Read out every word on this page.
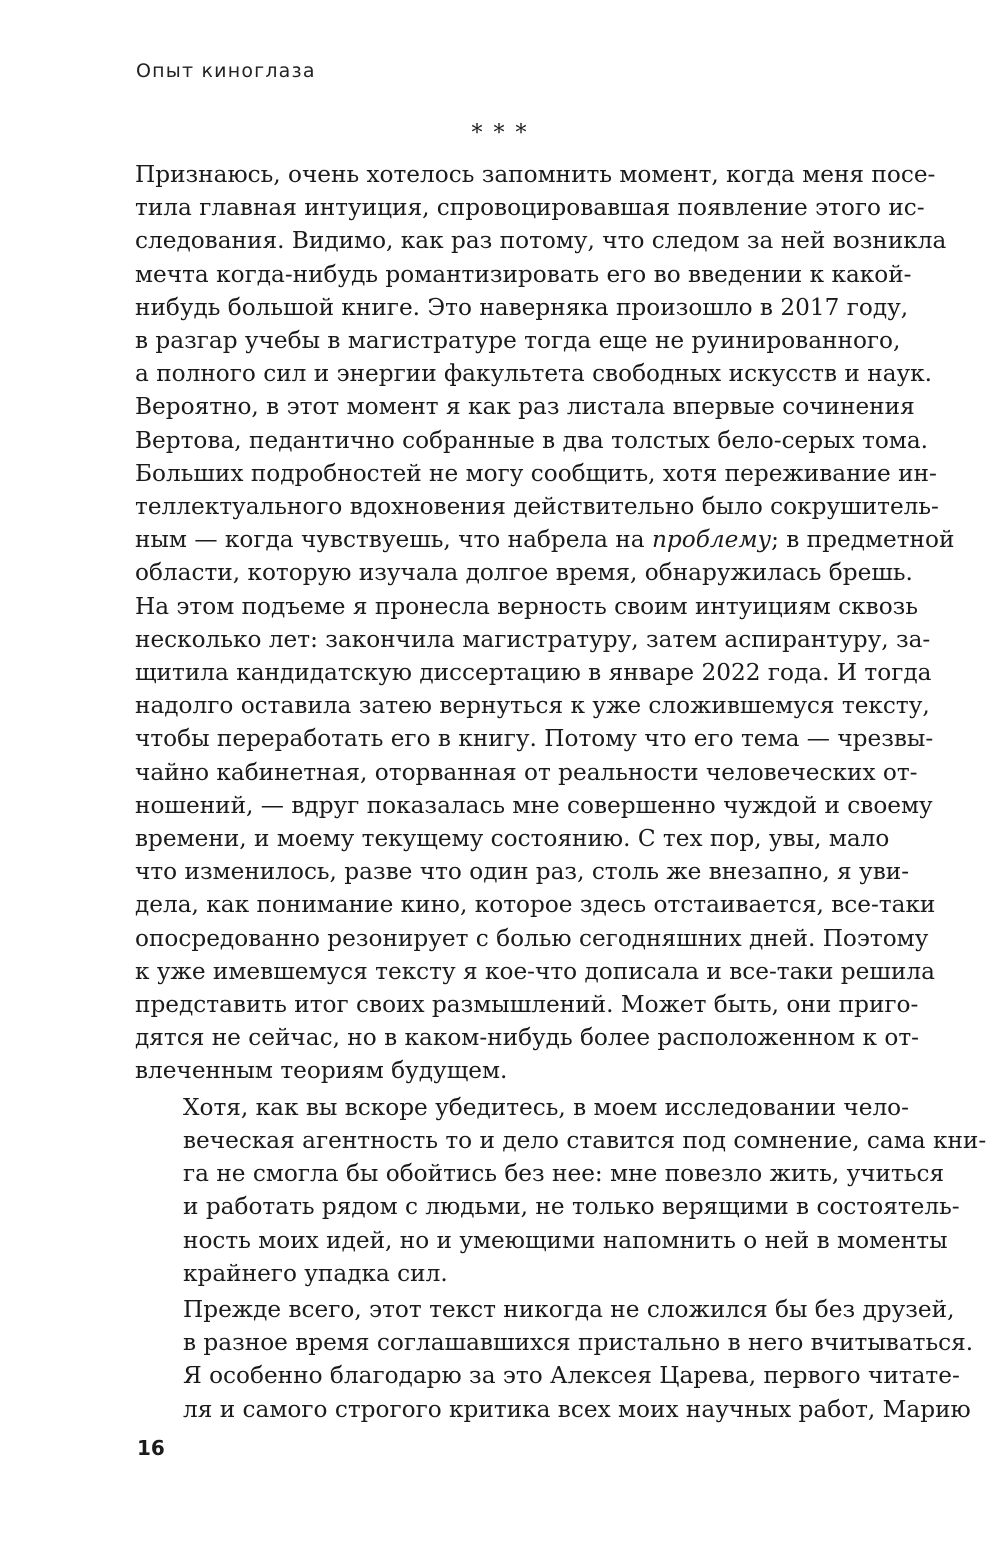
Опыт киноглаза
* * *

Признаюсь, очень хотелось запомнить момент, когда меня посе-
тила главная интуиция, спровоцировавшая появление этого ис-
следования. Видимо, как раз потому, что следом за ней возникла
мечта когда-нибудь романтизировать его во введении к какой-
нибудь большой книге. Это наверняка произошло в 2017 году,
в разгар учебы в магистратуре тогда еще не руинированного,
а полного сил и энергии факультета свободных искусств и наук.
Вероятно, в этот момент я как раз листала впервые сочинения
Вертова, педантично собранные в два толстых бело-серых тома.
Больших подробностей не могу сообщить, хотя переживание ин-
теллектуального вдохновения действительно было сокрушитель-
ным — когда чувствуешь, что набрела на проблему; в предметной
области, которую изучала долгое время, обнаружилась брешь.
На этом подъеме я пронесла верность своим интуициям сквозь
несколько лет: закончила магистратуру, затем аспирантуру, за-
щитила кандидатскую диссертацию в январе 2022 года. И тогда
надолго оставила затею вернуться к уже сложившемуся тексту,
чтобы переработать его в книгу. Потому что его тема — чрезвы-
чайно кабинетная, оторванная от реальности человеческих от-
ношений, — вдруг показалась мне совершенно чуждой и своему
времени, и моему текущему состоянию. С тех пор, увы, мало
что изменилось, разве что один раз, столь же внезапно, я уви-
дела, как понимание кино, которое здесь отстаивается, все-таки
опосредованно резонирует с болью сегодняшних дней. Поэтому
к уже имевшемуся тексту я кое-что дописала и все-таки решила
представить итог своих размышлений. Может быть, они приго-
дятся не сейчас, но в каком-нибудь более расположенном к от-
влеченным теориям будущем.

Хотя, как вы вскоре убедитесь, в моем исследовании чело-
веческая агентность то и дело ставится под сомнение, сама кни-
га не смогла бы обойтись без нее: мне повезло жить, учиться
и работать рядом с людьми, не только верящими в состоятель-
ность моих идей, но и умеющими напомнить о ней в моменты
крайнего упадка сил.

Прежде всего, этот текст никогда не сложился бы без друзей,
в разное время соглашавшихся пристально в него вчитываться.
Я особенно благодарю за это Алексея Царева, первого читате-
ля и самого строгого критика всех моих научных работ, Марию

16
